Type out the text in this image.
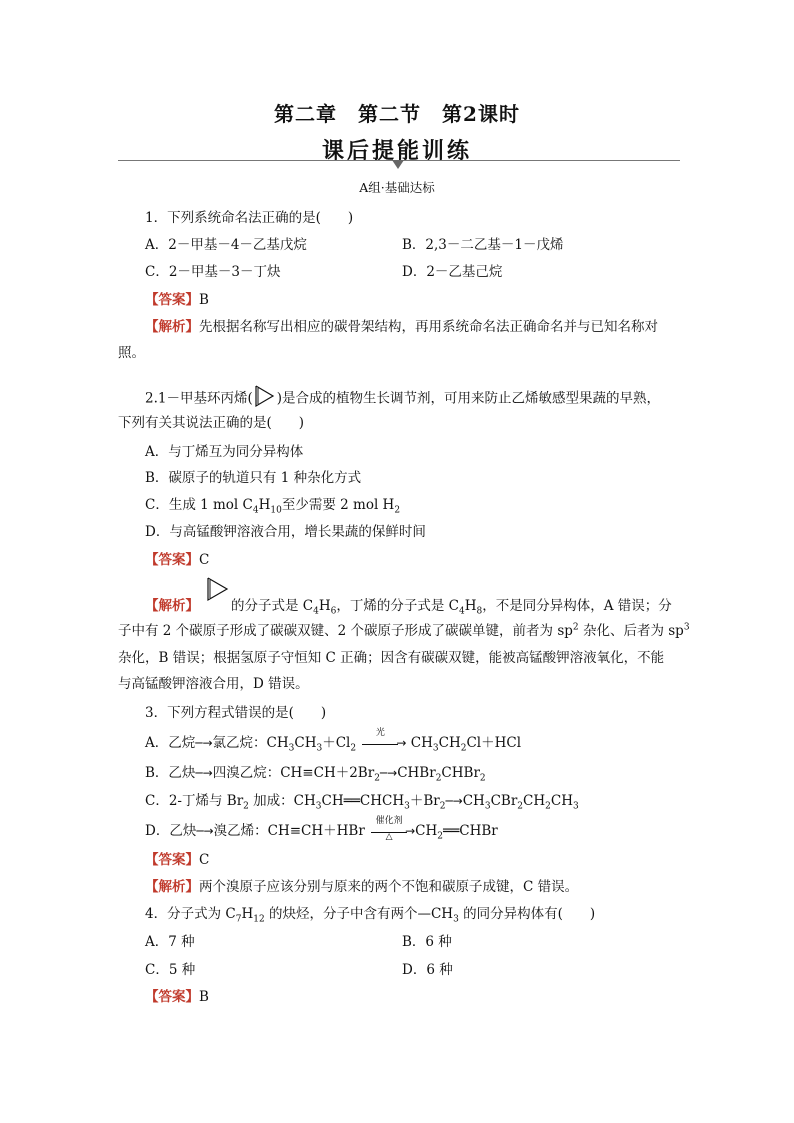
第二章　第二节　第2课时
课后提能训练
A组·基础达标
1．下列系统命名法正确的是(　　)
A．2－甲基－4－乙基戊烷	B．2,3－二乙基－1－戊烯
C．2－甲基－3－丁炔	D．2－乙基己烷
【答案】B
【解析】先根据名称写出相应的碳骨架结构，再用系统命名法正确命名并与已知名称对
照。
2.1－甲基环丙烯( )是合成的植物生长调节剂，可用来防止乙烯敏感型果蔬的早熟，
下列有关其说法正确的是(　　)
A．与丁烯互为同分异构体
B．碳原子的轨道只有 1 种杂化方式
C．生成 1 mol $C_4H_{10}$至少需要 2 mol $H_2$
D．与高锰酸钾溶液合用，增长果蔬的保鲜时间
【答案】C
【解析】 的分子式是 $C_4H_6$，丁烯的分子式是 $C_4H_8$，不是同分异构体，A 错误；分
子中有 2 个碳原子形成了碳碳双键、2 个碳原子形成了碳碳单键，前者为 $sp^2$ 杂化、后者为 $sp^3$
杂化，B 错误；根据氢原子守恒知 C 正确；因含有碳碳双键，能被高锰酸钾溶液氧化，不能
与高锰酸钾溶液合用，D 错误。
3．下列方程式错误的是(　　)
A．乙烷─→氯乙烷：$CH_3CH_3+Cl_2$
光
→ $CH_3CH_2Cl+HCl$
B．乙炔─→四溴乙烷：$CH\equiv CH+2Br_2─\to CHBr_2CHBr_2$
C．2-丁烯与 $Br_2$ 加成：$CH_3CH══CHCH_3+Br_2─\to CH_3CBr_2CH_2CH_3$
D．乙炔─→溴乙烯：CH≡CH＋HBr
催化剂
△	$\to CH_2══CHBr$
【答案】C
【解析】两个溴原子应该分别与原来的两个不饱和碳原子成键，C 错误。
4．分子式为 $C_7H_{12}$ 的炔烃，分子中含有两个$—CH_3$ 的同分异构体有(　　)
A．7 种	B．6 种
C．5 种	D．6 种
【答案】B
